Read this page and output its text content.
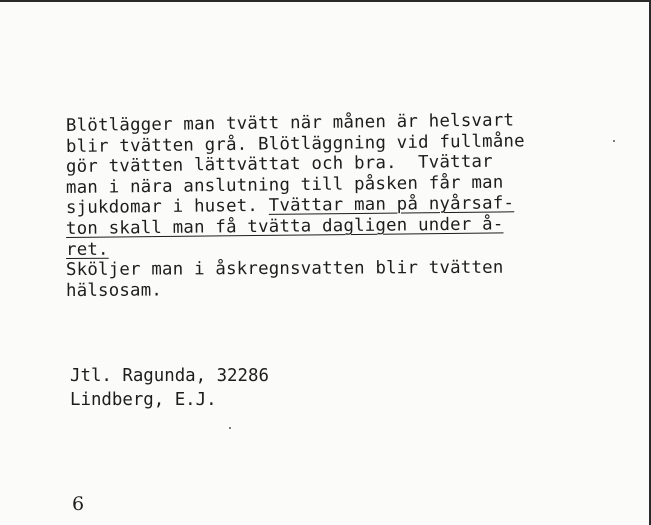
Blötlägger man tvätt när månen är helsvart
blir tvätten grå. Blötläggning vid fullmåne
gör tvätten lättvättat och bra.  Tvättar
man i nära anslutning till påsken får man
sjukdomar i huset. Tvättar man på nyårsaf-
ton skall man få tvätta dagligen under å-
ret.
Sköljer man i åskregnsvatten blir tvätten
hälsosam.
Jtl. Ragunda, 32286
Lindberg, E.J.
6
